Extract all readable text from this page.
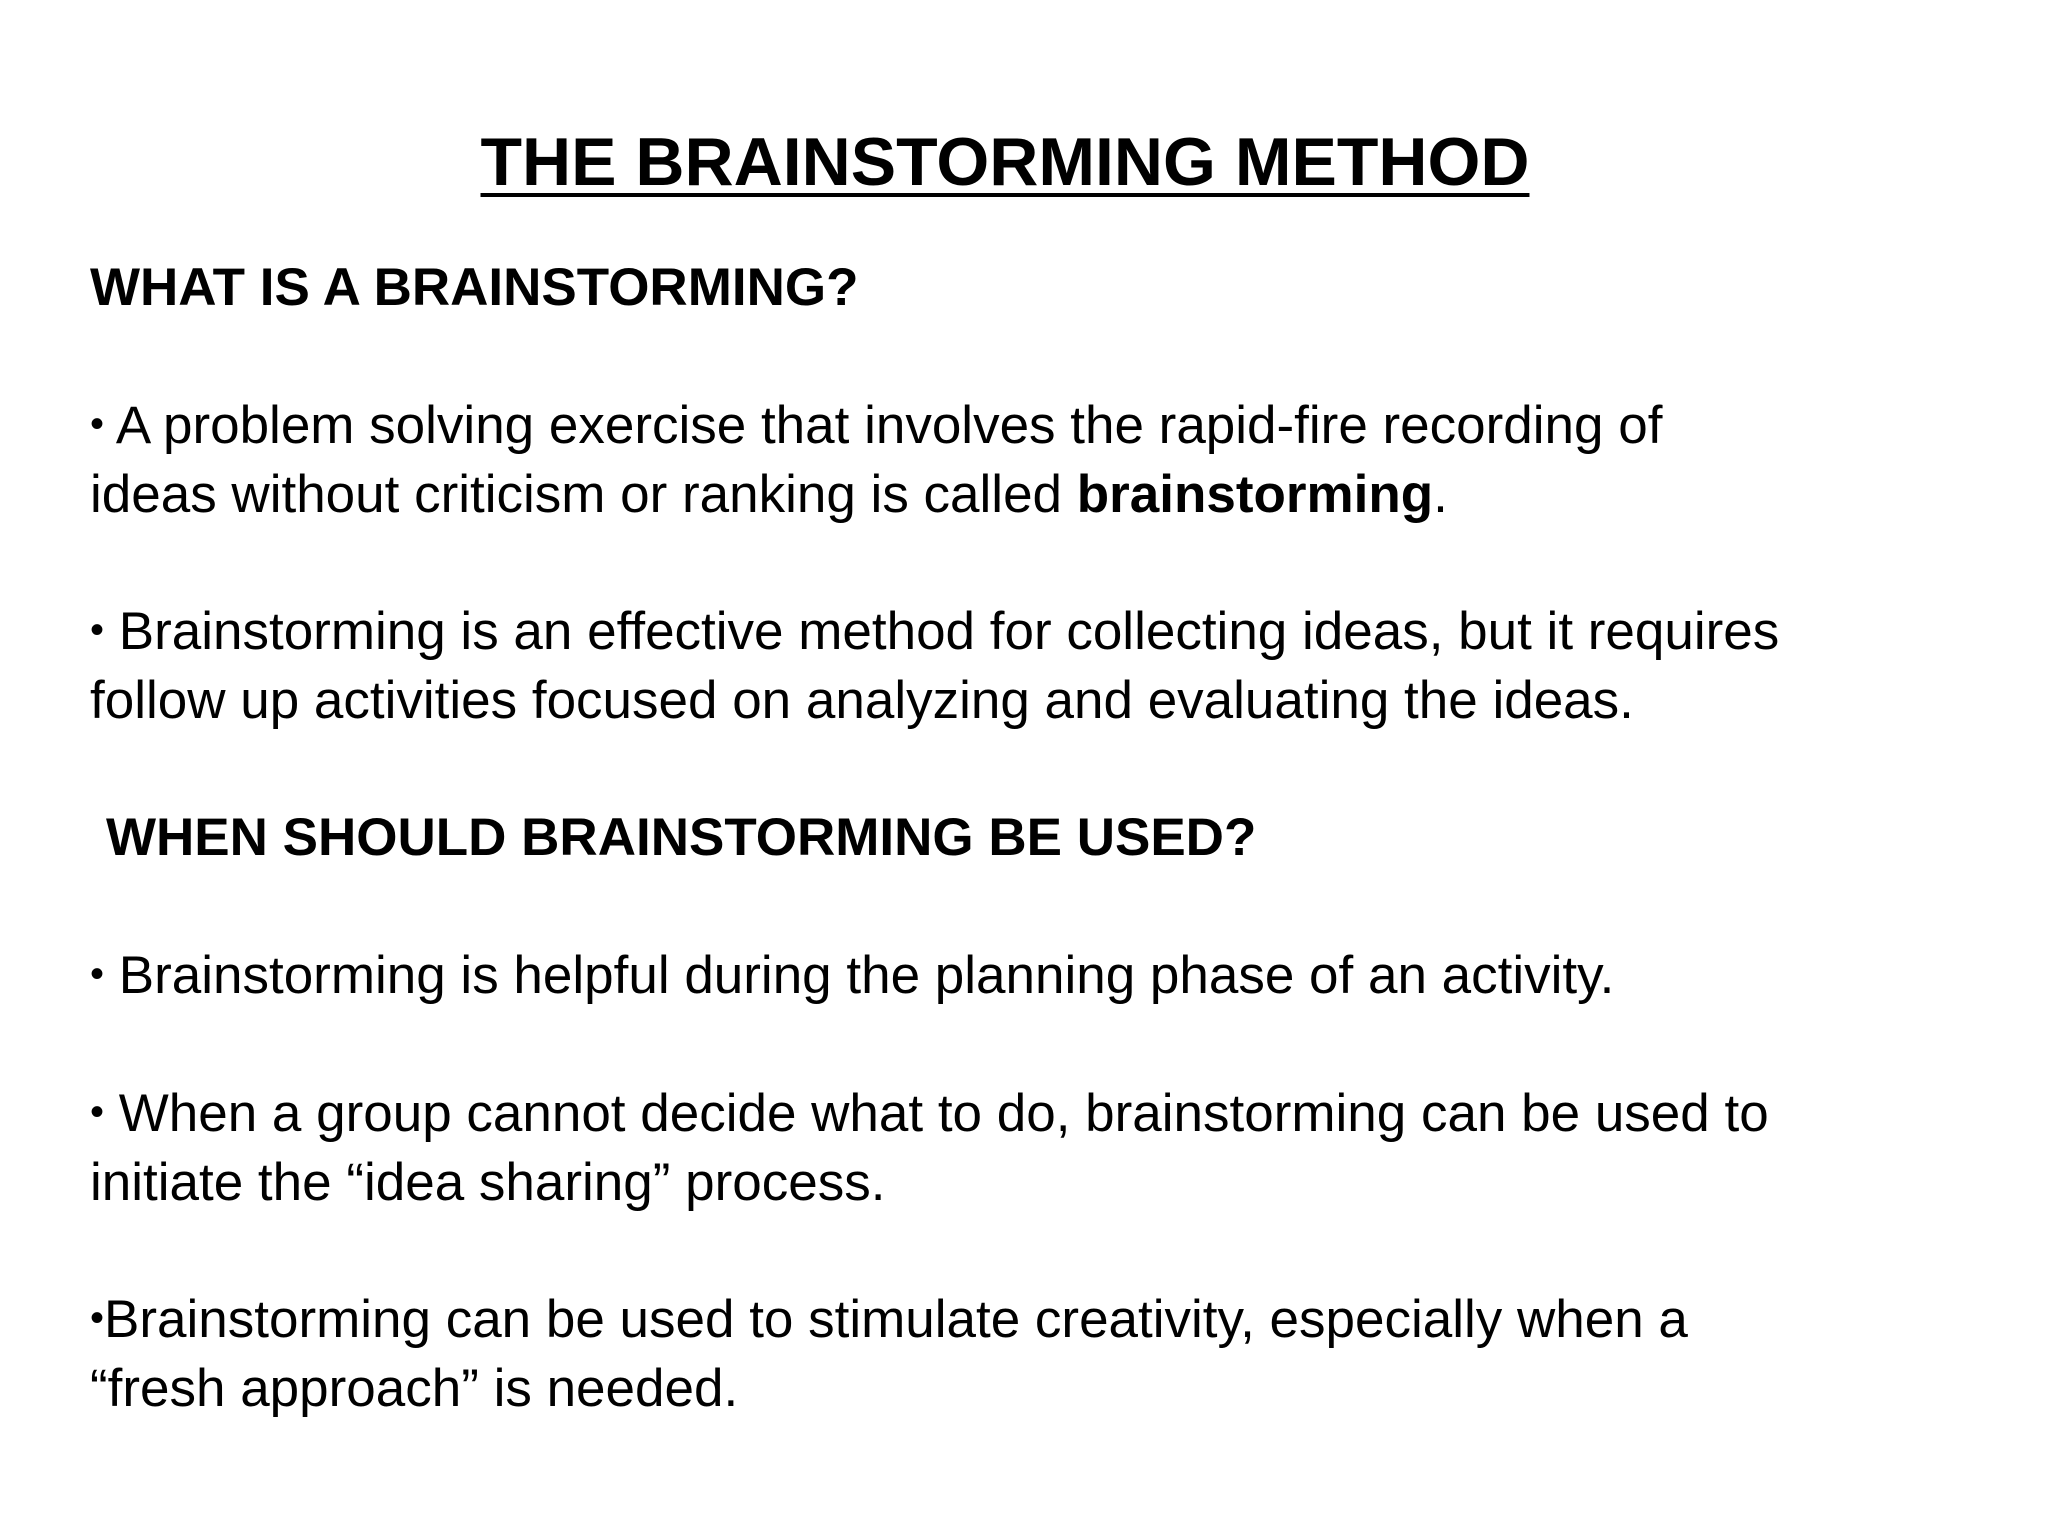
THE BRAINSTORMING METHOD
WHAT IS A BRAINSTORMING?
• A problem solving exercise that involves the rapid-fire recording of
ideas without criticism or ranking is called brainstorming.
• Brainstorming is an effective method for collecting ideas, but it requires
follow up activities focused on analyzing and evaluating the ideas.
WHEN SHOULD BRAINSTORMING BE USED?
• Brainstorming is helpful during the planning phase of an activity.
• When a group cannot decide what to do, brainstorming can be used to
initiate the “idea sharing” process.
•Brainstorming can be used to stimulate creativity, especially when a
“fresh approach” is needed.
